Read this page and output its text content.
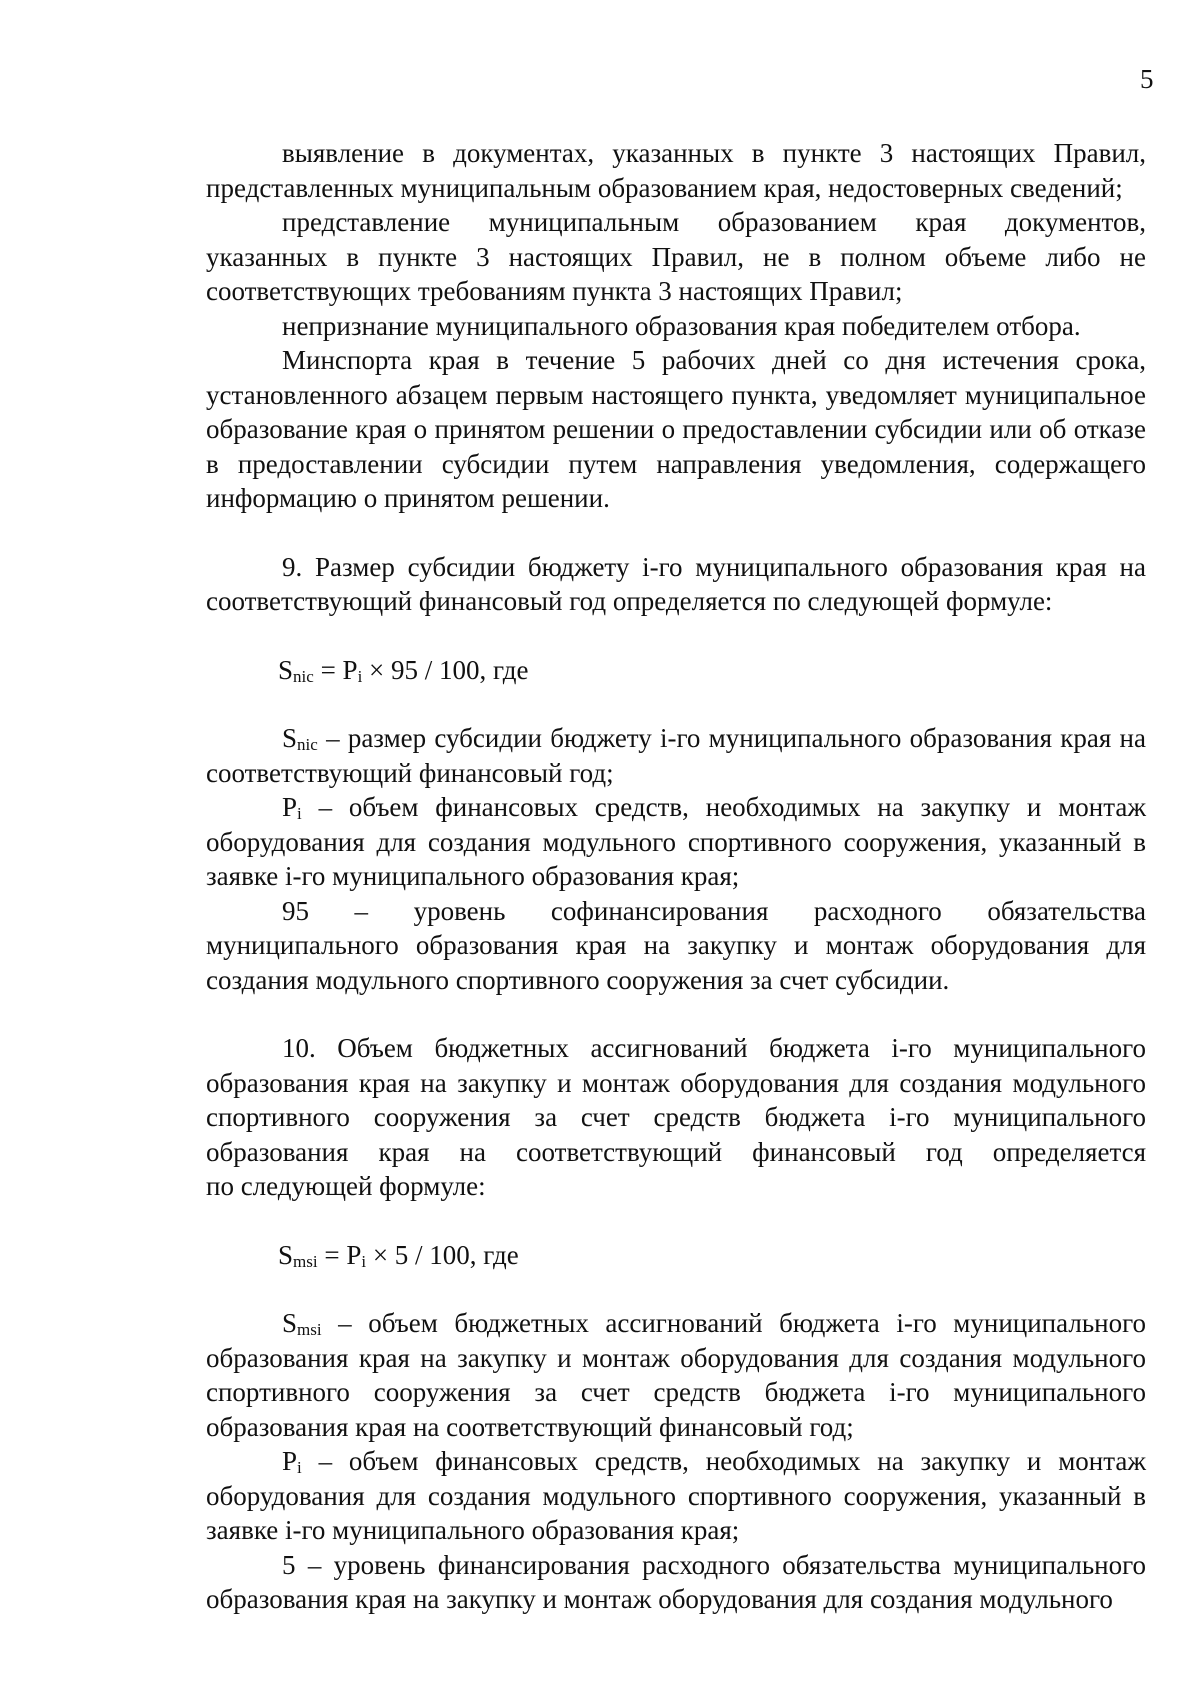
5

выявление в документах, указанных в пункте 3 настоящих Правил, представленных муниципальным образованием края, недостоверных сведений;

представление муниципальным образованием края документов, указанных в пункте 3 настоящих Правил, не в полном объеме либо не соответствующих требованиям пункта 3 настоящих Правил;

непризнание муниципального образования края победителем отбора.

Минспорта края в течение 5 рабочих дней со дня истечения срока, установленного абзацем первым настоящего пункта, уведомляет муниципальное образование края о принятом решении о предоставлении субсидии или об отказе в предоставлении субсидии путем направления уведомления, содержащего информацию о принятом решении.

9. Размер субсидии бюджету i-го муниципального образования края на соответствующий финансовый год определяется по следующей формуле:

$S_{nic} = P_i \times 95 / 100$, где

$S_{nic}$ – размер субсидии бюджету i-го муниципального образования края на соответствующий финансовый год;

$P_i$ – объем финансовых средств, необходимых на закупку и монтаж оборудования для создания модульного спортивного сооружения, указанный в заявке i-го муниципального образования края;

95 – уровень софинансирования расходного обязательства муниципального образования края на закупку и монтаж оборудования для создания модульного спортивного сооружения за счет субсидии.

10. Объем бюджетных ассигнований бюджета i-го муниципального образования края на закупку и монтаж оборудования для создания модульного спортивного сооружения за счет средств бюджета i-го муниципального образования края на соответствующий финансовый год определяется

по следующей формуле:

$S_{msi} = P_i \times 5 / 100$, где

$S_{msi}$ – объем бюджетных ассигнований бюджета i-го муниципального образования края на закупку и монтаж оборудования для создания модульного спортивного сооружения за счет средств бюджета i-го муниципального образования края на соответствующий финансовый год;

$P_i$ – объем финансовых средств, необходимых на закупку и монтаж оборудования для создания модульного спортивного сооружения, указанный в заявке i-го муниципального образования края;

5 – уровень финансирования расходного обязательства муниципального образования края на закупку и монтаж оборудования для создания модульного
